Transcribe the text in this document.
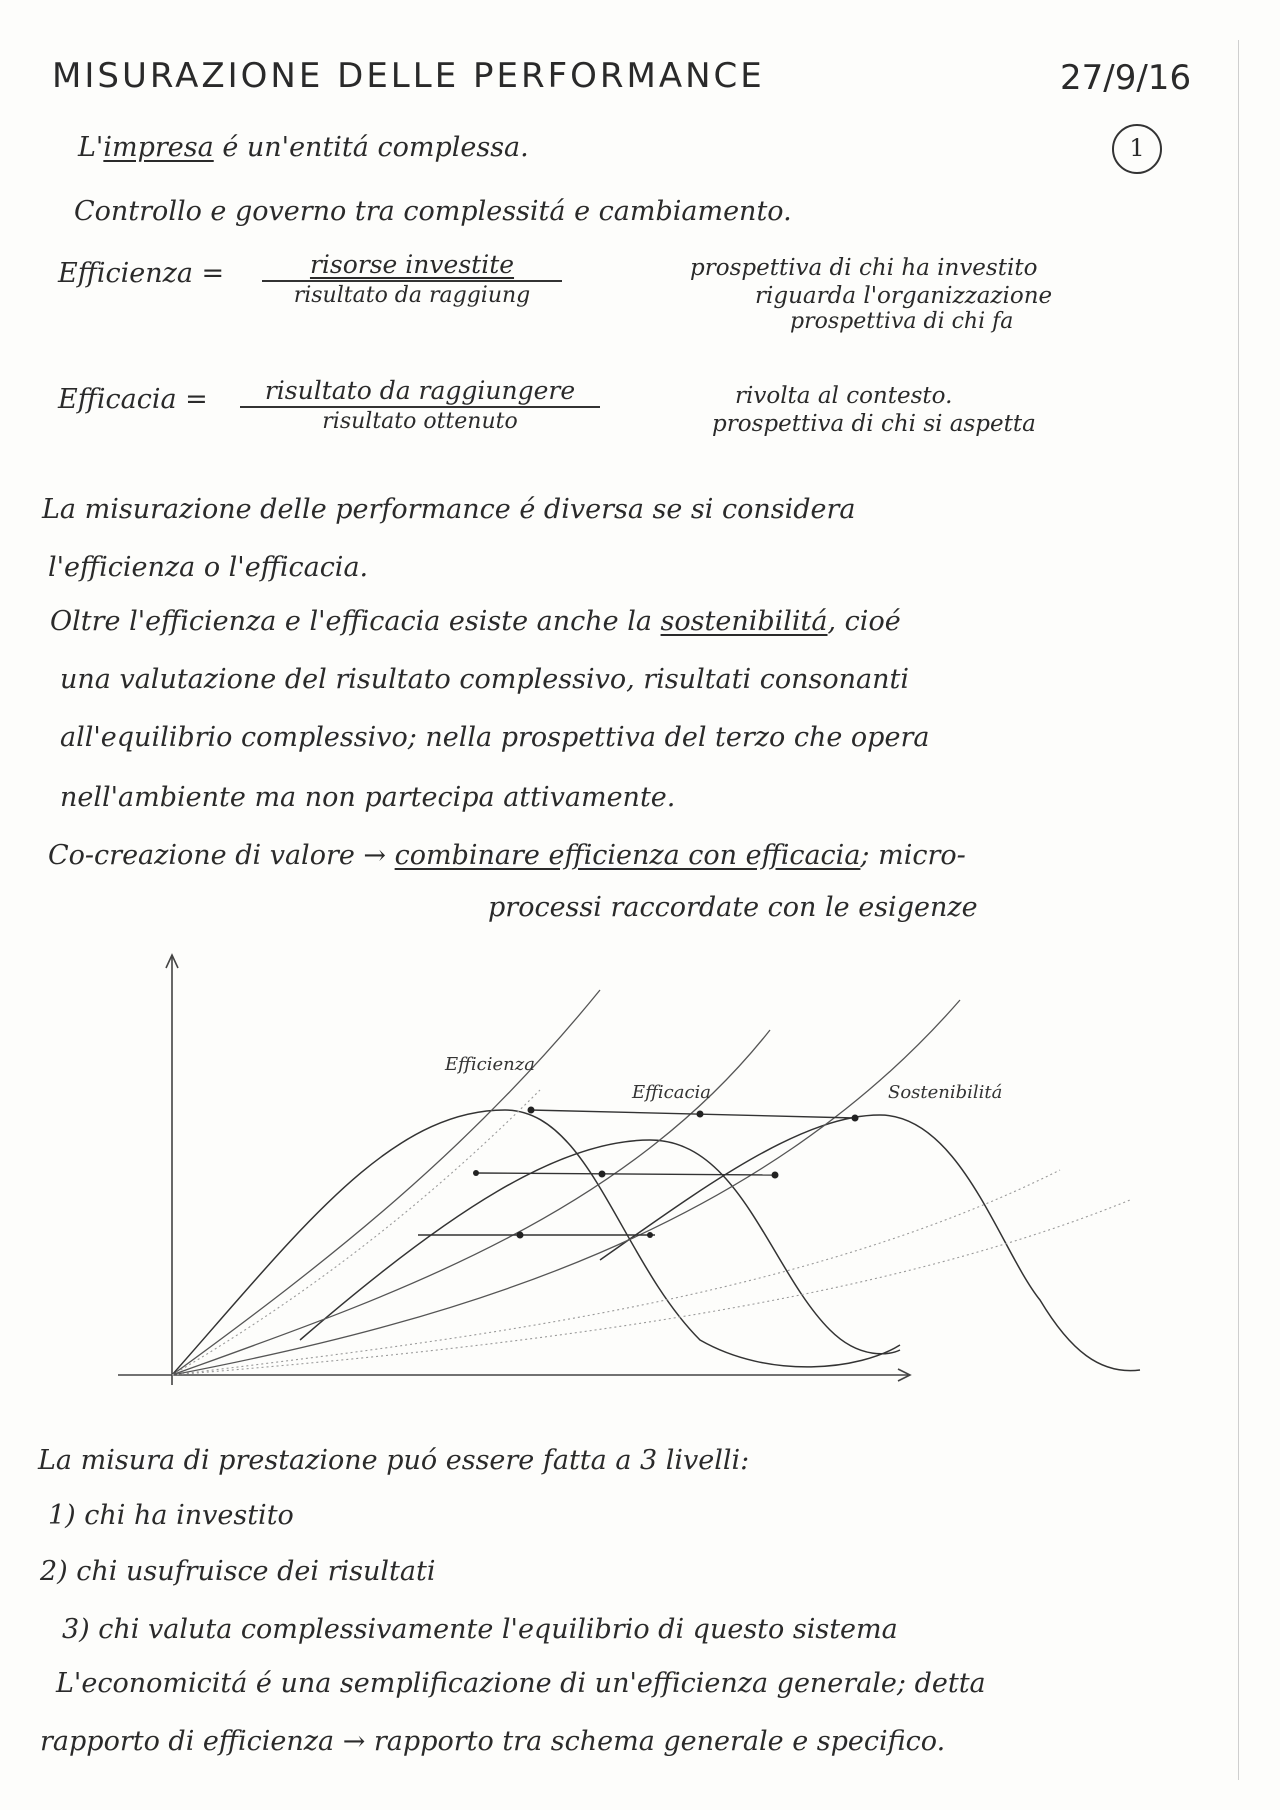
MISURAZIONE DELLE PERFORMANCE	27/9/16
1
L'impresa é un'entitá complessa.
Controllo e governo tra complessitá e cambiamento.
Efficienza =	risorse investite
risultato da raggiung
prospettiva di chi ha investito
riguarda l'organizzazione
prospettiva di chi fa
Efficacia =	risultato da raggiungere
risultato ottenuto
rivolta al contesto.
prospettiva di chi si aspetta
La misurazione delle performance é diversa se si considera
l'efficienza o l'efficacia.
Oltre l'efficienza e l'efficacia esiste anche la sostenibilitá, cioé
una valutazione del risultato complessivo, risultati consonanti
all'equilibrio complessivo; nella prospettiva del terzo che opera
nell'ambiente ma non partecipa attivamente.
Co-creazione di valore → combinare efficienza con efficacia; micro-
processi raccordate con le esigenze
Efficienza
Efficacia	Sostenibilitá
La misura di prestazione puó essere fatta a 3 livelli:
1) chi ha investito
2) chi usufruisce dei risultati
3) chi valuta complessivamente l'equilibrio di questo sistema
L'economicitá é una semplificazione di un'efficienza generale; detta
rapporto di efficienza → rapporto tra schema generale e specifico.
